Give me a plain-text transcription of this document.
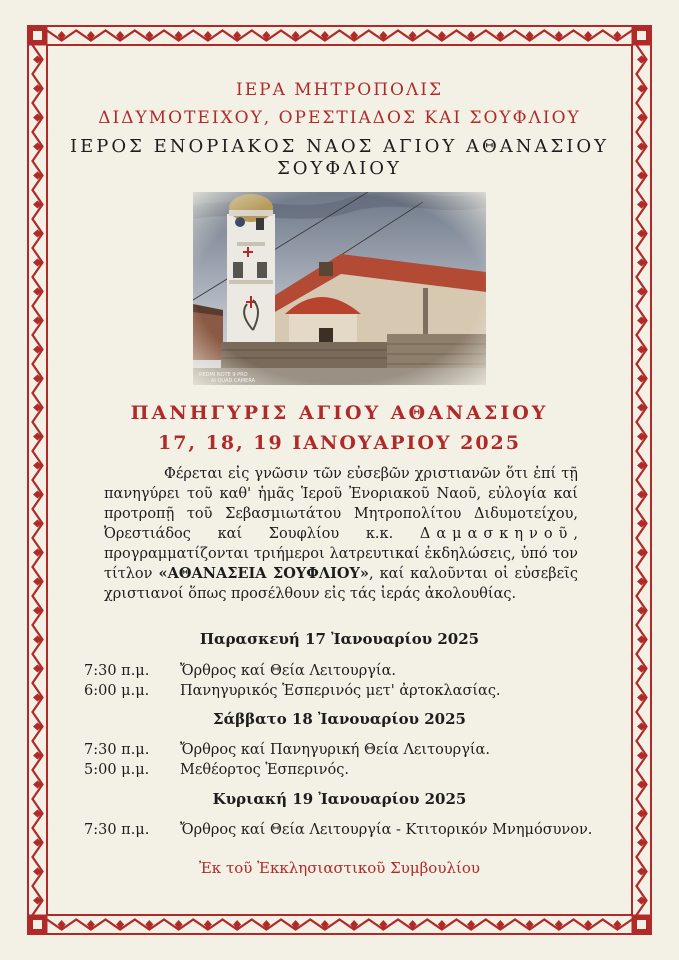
ΙΕΡΑ ΜΗΤΡΟΠΟΛΙΣ
ΔΙΔΥΜΟΤΕΙΧΟΥ, ΟΡΕΣΤΙΑΔΟΣ ΚΑΙ ΣΟΥΦΛΙΟΥ
ΙΕΡΟΣ ΕΝΟΡΙΑΚΟΣ ΝΑΟΣ ΑΓΙΟΥ ΑΘΑΝΑΣΙΟΥ
ΣΟΥΦΛΙΟΥ
REDMI NOTE 9 PRO
AI QUAD CAMERA
ΠΑΝΗΓΥΡΙΣ ΑΓΙΟΥ ΑΘΑΝΑΣΙΟΥ
17, 18, 19 ΙΑΝΟΥΑΡΙΟΥ 2025

Φέρεται εἰς γνῶσιν τῶν εὐσεβῶν χριστιανῶν ὅτι ἐπί τῇ πανηγύρει τοῦ καθ' ἡμᾶς Ἱεροῦ Ἐνοριακοῦ Ναοῦ, εὐλογία καί προτροπῇ τοῦ Σεβασμιωτάτου Μητροπολίτου Διδυμοτείχου, Ὀρεστιάδος καί Σουφλίου κ.κ. Δαμασκηνοῦ, προγραμματίζονται τριήμεροι λατρευτικαί ἐκδηλώσεις, ὑπό τον τίτλον «ΑΘΑΝΑΣΕΙΑ ΣΟΥΦΛΙΟΥ», καί καλοῦνται οἱ εὐσεβεῖς χριστιανοί ὅπως προσέλθουν εἰς τάς ἱεράς ἀκολουθίας.

Παρασκευή 17 Ἰανουαρίου 2025
7:30 π.μ. Ὄρθρος καί Θεία Λειτουργία.
6:00 μ.μ. Πανηγυρικός Ἑσπερινός μετ' ἀρτοκλασίας.
Σάββατο 18 Ἰανουαρίου 2025
7:30 π.μ. Ὄρθρος καί Πανηγυρική Θεία Λειτουργία.
5:00 μ.μ. Μεθέορτος Ἑσπερινός.
Κυριακή 19 Ἰανουαρίου 2025
7:30 π.μ. Ὄρθρος καί Θεία Λειτουργία - Κτιτορικόν Μνημόσυνον.
Ἐκ τοῦ Ἐκκλησιαστικοῦ Συμβουλίου
